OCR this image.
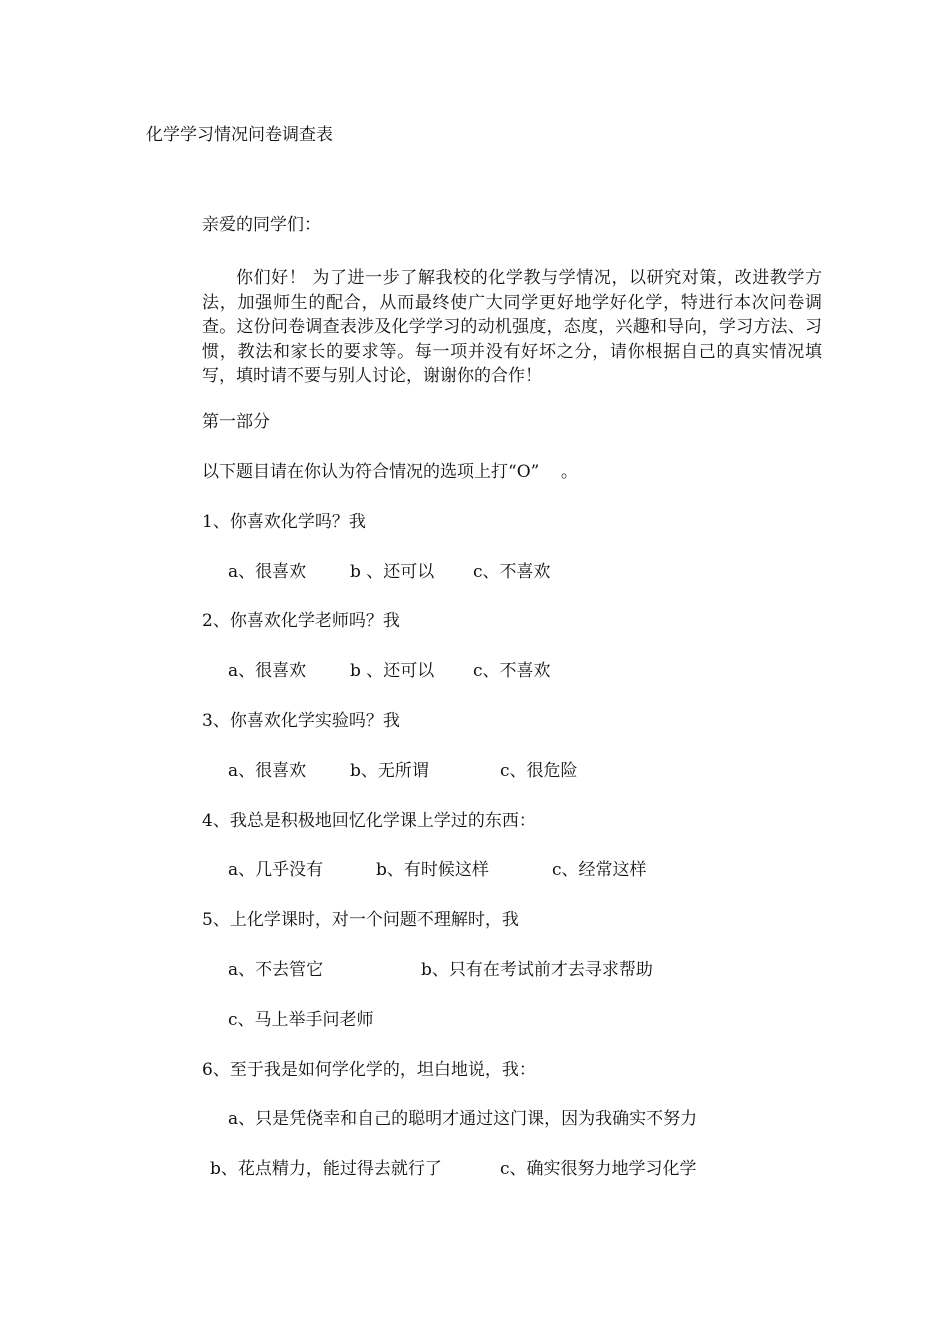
化学学习情况问卷调查表
亲爱的同学们：
你们好！ 为了进一步了解我校的化学教与学情况，以研究对策，改进教学方法，加强师生的配合，从而最终使广大同学更好地学好化学，特进行本次问卷调查。这份问卷调查表涉及化学学习的动机强度，态度，兴趣和导向，学习方法、习惯，教法和家长的要求等。每一项并没有好坏之分，请你根据自己的真实情况填写，填时请不要与别人讨论，谢谢你的合作！
第一部分
以下题目请在你认为符合情况的选项上打“O”    。
1、你喜欢化学吗？我
a、很喜欢	b 、还可以 c、不喜欢
2、你喜欢化学老师吗？我
a、很喜欢	b 、还可以 c、不喜欢
3、你喜欢化学实验吗？我
a、很喜欢	b、无所谓	c、很危险
4、我总是积极地回忆化学课上学过的东西：
a、几乎没有	b、有时候这样	c、经常这样
5、上化学课时，对一个问题不理解时，我
a、不去管它	b、只有在考试前才去寻求帮助
c、马上举手问老师
6、至于我是如何学化学的，坦白地说，我：
a、只是凭侥幸和自己的聪明才通过这门课，因为我确实不努力
b、花点精力，能过得去就行了	c、确实很努力地学习化学
